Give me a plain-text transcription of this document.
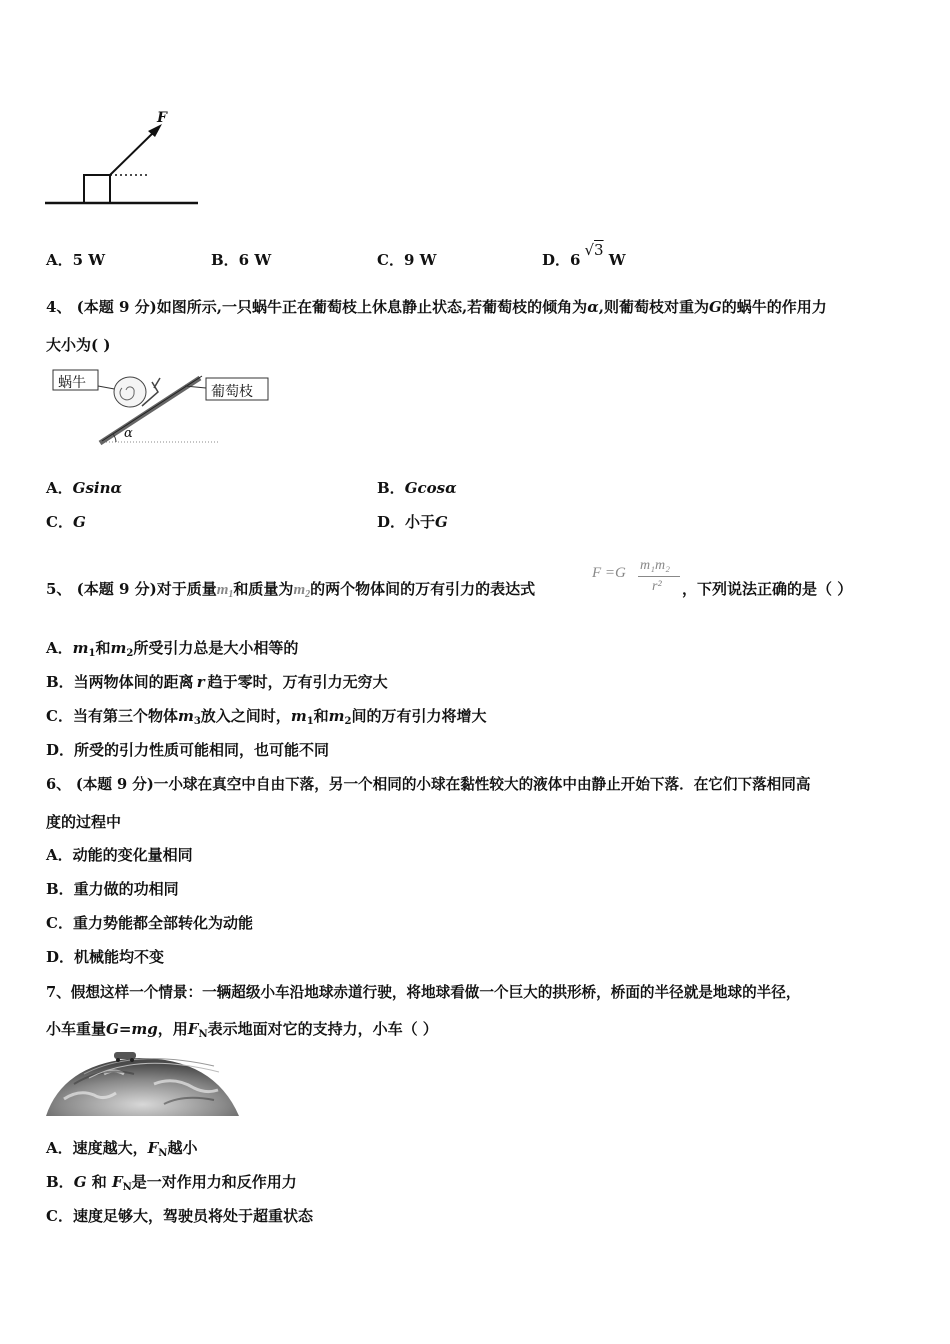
F
A．5 W	B．6 W	C．9 W	D．6√3 W
4、 (本题 9 分)如图所示,一只蜗牛正在葡萄枝上休息静止状态,若葡萄枝的倾角为α,则葡萄枝对重为G的蜗牛的作用力
大小为( )
蜗牛
葡萄枝
α
A．Gsinα	B．Gcosα
C．G	D．小于G
5、 (本题 9 分)对于质量$m_1$和质量为$m_2$的两个物体间的万有引力的表达式
F =G m₁m₂
r² ，下列说法正确的是（ ）
A．$m_1$和$m_2$所受引力总是大小相等的
B．当两物体间的距离 r 趋于零时，万有引力无穷大
C．当有第三个物体$m_3$放入之间时，$m_1$和$m_2$间的万有引力将增大
D．所受的引力性质可能相同，也可能不同
6、 (本题 9 分)一小球在真空中自由下落，另一个相同的小球在黏性较大的液体中由静止开始下落．在它们下落相同高
度的过程中
A．动能的变化量相同
B．重力做的功相同
C．重力势能都全部转化为动能
D．机械能均不变
7、假想这样一个情景：一辆超级小车沿地球赤道行驶，将地球看做一个巨大的拱形桥，桥面的半径就是地球的半径，
小车重量G=mg，用$F_N$表示地面对它的支持力，小车（ ）
A．速度越大，$F_N$越小
B．G 和 $F_N$是一对作用力和反作用力
C．速度足够大，驾驶员将处于超重状态
